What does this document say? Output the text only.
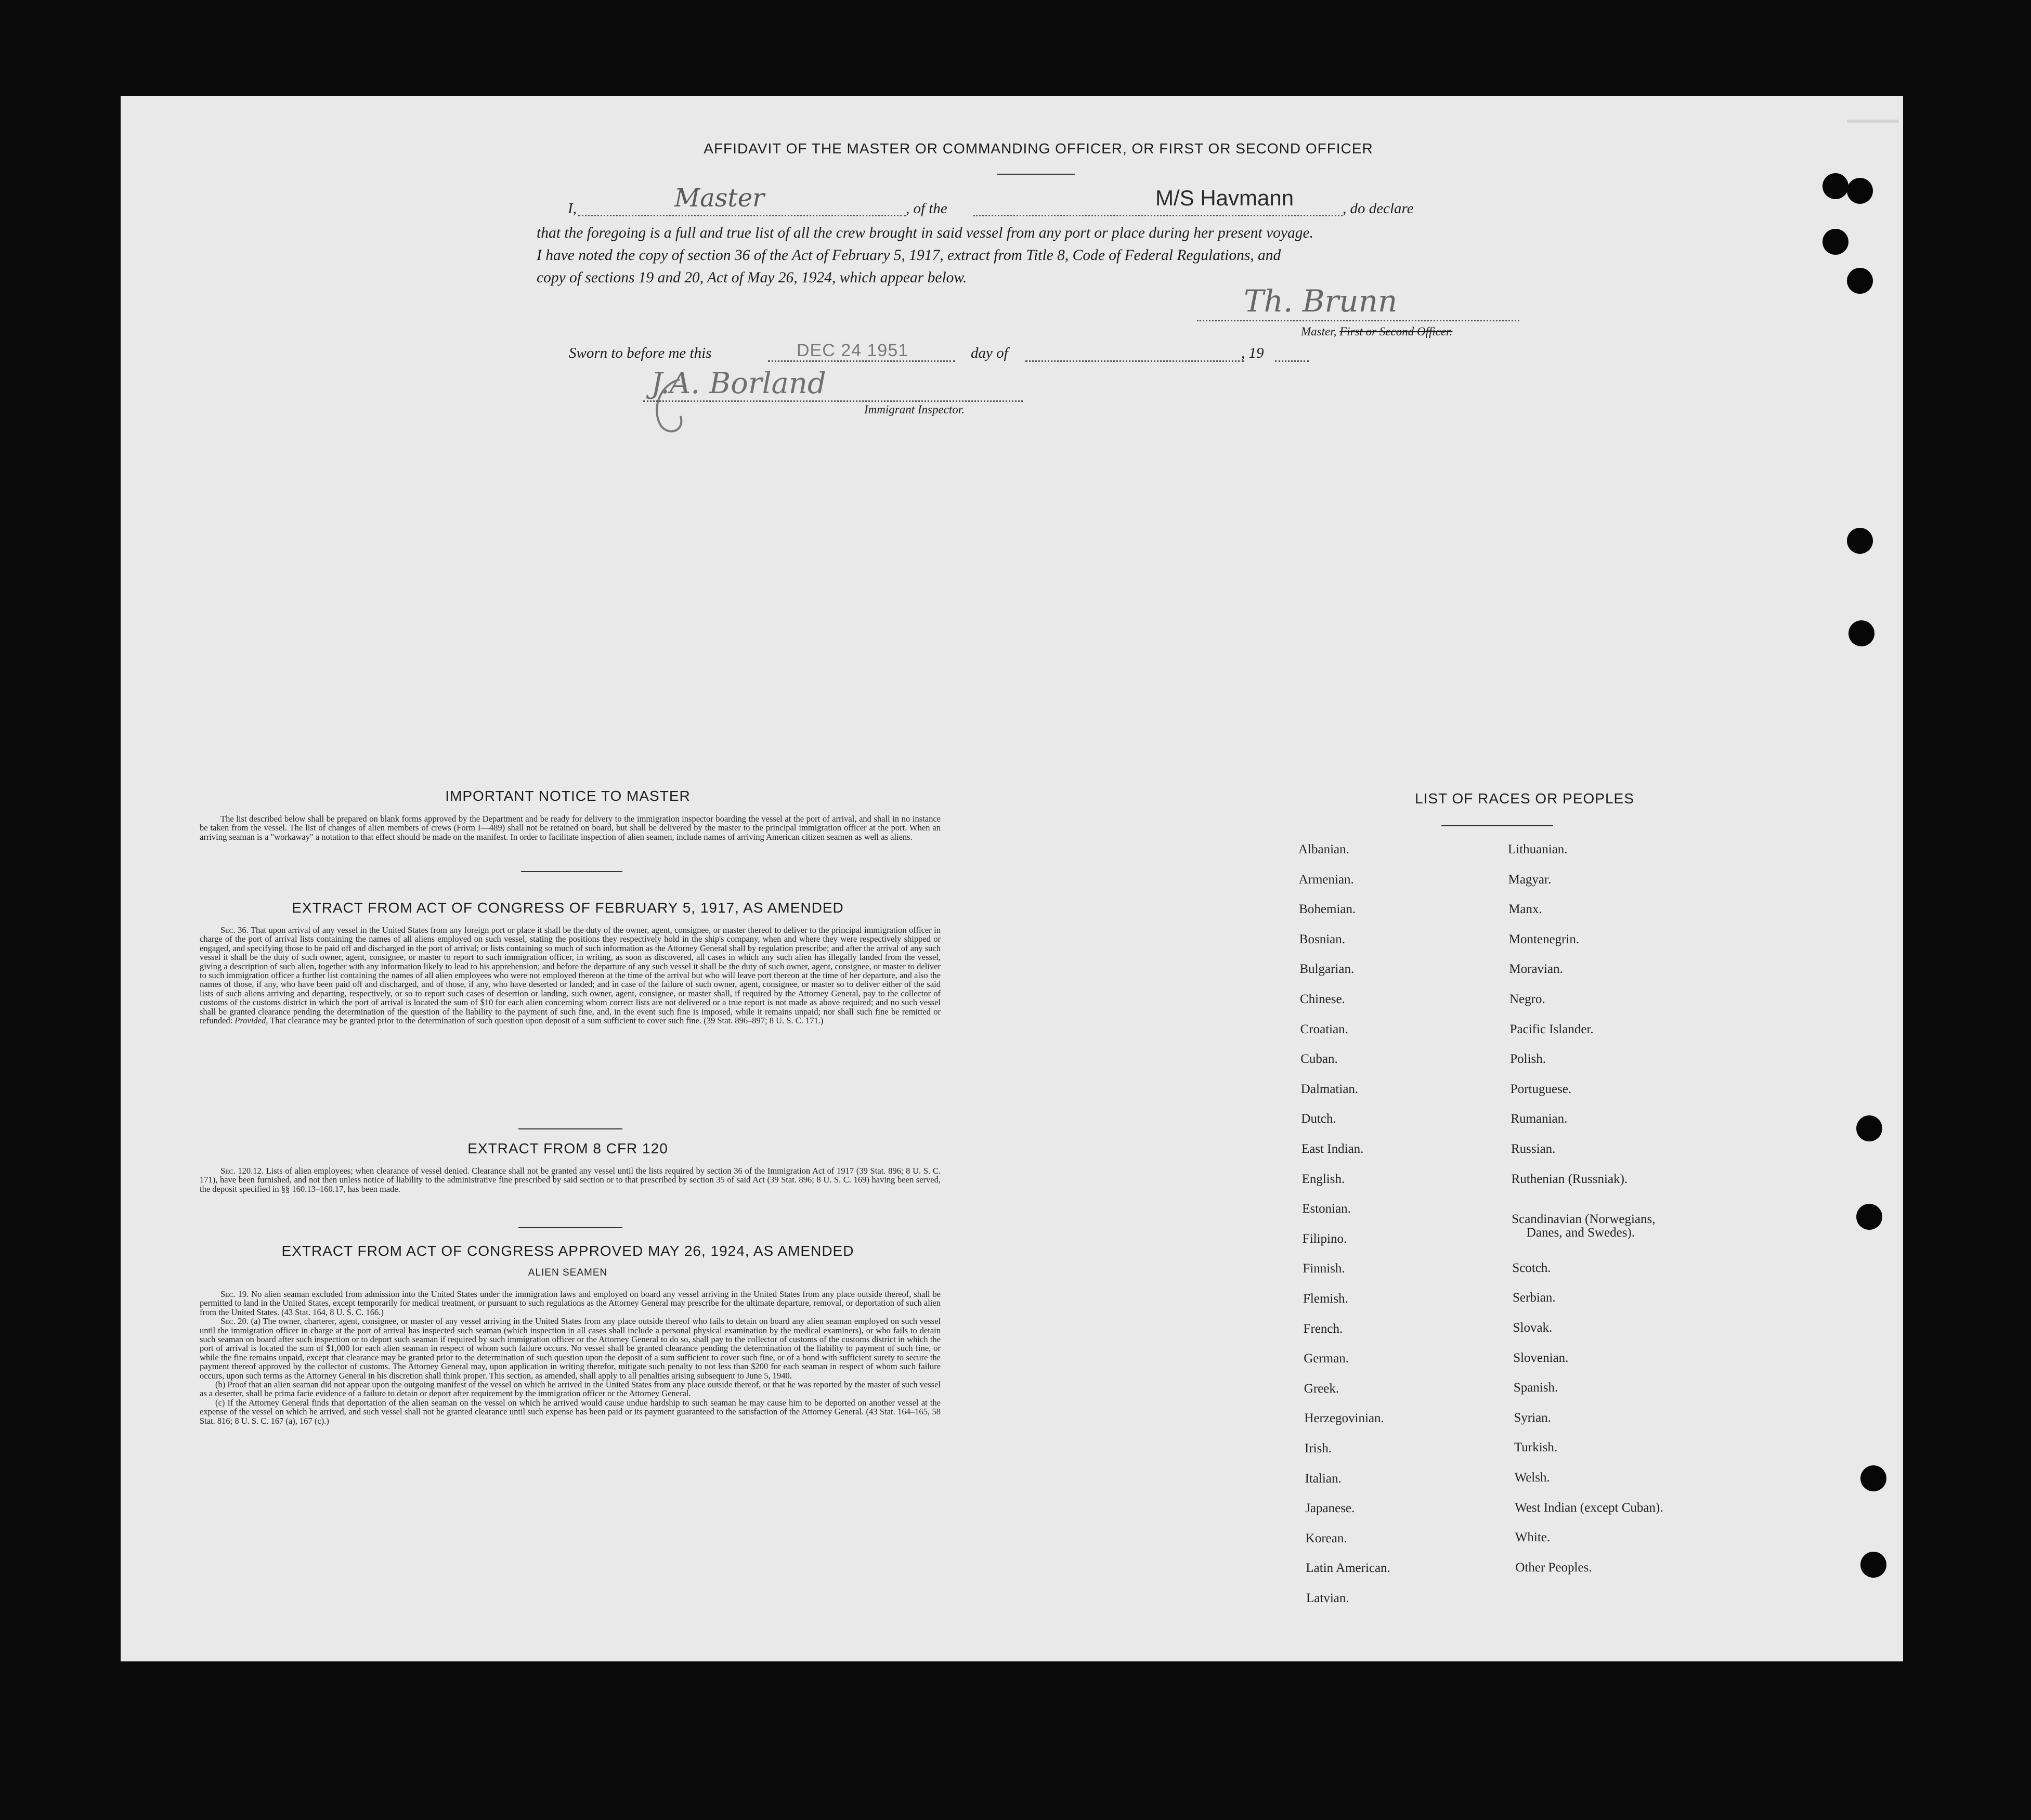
AFFIDAVIT OF THE MASTER OR COMMANDING OFFICER, OR FIRST OR SECOND OFFICER
I,	Master	, of the	M/S Havmann	, do declare
that the foregoing is a full and true list of all the crew brought in said vessel from any port or place during her present voyage.
I have noted the copy of section 36 of the Act of February 5, 1917, extract from Title 8, Code of Federal Regulations, and
copy of sections 19 and 20, Act of May 26, 1924, which appear below.
Th. Brunn
Master, First or Second Officer.
Sworn to before me this	DEC 24 1951	day of	, 19
J.A. Borland
Immigrant Inspector.
IMPORTANT NOTICE TO MASTER

The list described below shall be prepared on blank forms approved by the Department and be ready for delivery to the immigration inspector boarding the vessel at the port of arrival, and shall in no instance be taken from the vessel. The list of changes of alien members of crews (Form I—489) shall not be retained on board, but shall be delivered by the master to the principal immigration officer at the port. When an arriving seaman is a "workaway" a notation to that effect should be made on the manifest. In order to facilitate inspection of alien seamen, include names of arriving American citizen seamen as well as aliens.

EXTRACT FROM ACT OF CONGRESS OF FEBRUARY 5, 1917, AS AMENDED

Sec. 36. That upon arrival of any vessel in the United States from any foreign port or place it shall be the duty of the owner, agent, consignee, or master thereof to deliver to the principal immigration officer in charge of the port of arrival lists containing the names of all aliens employed on such vessel, stating the positions they respectively hold in the ship's company, when and where they were respectively shipped or engaged, and specifying those to be paid off and discharged in the port of arrival; or lists containing so much of such information as the Attorney General shall by regulation prescribe; and after the arrival of any such vessel it shall be the duty of such owner, agent, consignee, or master to report to such immigration officer, in writing, as soon as discovered, all cases in which any such alien has illegally landed from the vessel, giving a description of such alien, together with any information likely to lead to his apprehension; and before the departure of any such vessel it shall be the duty of such owner, agent, consignee, or master to deliver to such immigration officer a further list containing the names of all alien employees who were not employed thereon at the time of the arrival but who will leave port thereon at the time of her departure, and also the names of those, if any, who have been paid off and discharged, and of those, if any, who have deserted or landed; and in case of the failure of such owner, agent, consignee, or master so to deliver either of the said lists of such aliens arriving and departing, respectively, or so to report such cases of desertion or landing, such owner, agent, consignee, or master shall, if required by the Attorney General, pay to the collector of customs of the customs district in which the port of arrival is located the sum of $10 for each alien concerning whom correct lists are not delivered or a true report is not made as above required; and no such vessel shall be granted clearance pending the determination of the question of the liability to the payment of such fine, and, in the event such fine is imposed, while it remains unpaid; nor shall such fine be remitted or refunded: Provided, That clearance may be granted prior to the determination of such question upon deposit of a sum sufficient to cover such fine. (39 Stat. 896–897; 8 U. S. C. 171.)

EXTRACT FROM 8 CFR 120

Sec. 120.12. Lists of alien employees; when clearance of vessel denied. Clearance shall not be granted any vessel until the lists required by section 36 of the Immigration Act of 1917 (39 Stat. 896; 8 U. S. C. 171), have been furnished, and not then unless notice of liability to the administrative fine prescribed by said section or to that prescribed by section 35 of said Act (39 Stat. 896; 8 U. S. C. 169) having been served, the deposit specified in §§ 160.13–160.17, has been made.

EXTRACT FROM ACT OF CONGRESS APPROVED MAY 26, 1924, AS AMENDED
ALIEN SEAMEN

Sec. 19. No alien seaman excluded from admission into the United States under the immigration laws and employed on board any vessel arriving in the United States from any place outside thereof, shall be permitted to land in the United States, except temporarily for medical treatment, or pursuant to such regulations as the Attorney General may prescribe for the ultimate departure, removal, or deportation of such alien from the United States. (43 Stat. 164, 8 U. S. C. 166.)

Sec. 20. (a) The owner, charterer, agent, consignee, or master of any vessel arriving in the United States from any place outside thereof who fails to detain on board any alien seaman employed on such vessel until the immigration officer in charge at the port of arrival has inspected such seaman (which inspection in all cases shall include a personal physical examination by the medical examiners), or who fails to detain such seaman on board after such inspection or to deport such seaman if required by such immigration officer or the Attorney General to do so, shall pay to the collector of customs of the customs district in which the port of arrival is located the sum of $1,000 for each alien seaman in respect of whom such failure occurs. No vessel shall be granted clearance pending the determination of the liability to payment of such fine, or while the fine remains unpaid, except that clearance may be granted prior to the determination of such question upon the deposit of a sum sufficient to cover such fine, or of a bond with sufficient surety to secure the payment thereof approved by the collector of customs. The Attorney General may, upon application in writing therefor, mitigate such penalty to not less than $200 for each seaman in respect of whom such failure occurs, upon such terms as the Attorney General in his discretion shall think proper. This section, as amended, shall apply to all penalties arising subsequent to June 5, 1940.

(b) Proof that an alien seaman did not appear upon the outgoing manifest of the vessel on which he arrived in the United States from any place outside thereof, or that he was reported by the master of such vessel as a deserter, shall be prima facie evidence of a failure to detain or deport after requirement by the immigration officer or the Attorney General.

(c) If the Attorney General finds that deportation of the alien seaman on the vessel on which he arrived would cause undue hardship to such seaman he may cause him to be deported on another vessel at the expense of the vessel on which he arrived, and such vessel shall not be granted clearance until such expense has been paid or its payment guaranteed to the satisfaction of the Attorney General. (43 Stat. 164–165, 58 Stat. 816; 8 U. S. C. 167 (a), 167 (c).)

LIST OF RACES OR PEOPLES
Albanian.
Armenian.
Bohemian.
Bosnian.
Bulgarian.
Chinese.
Croatian.
Cuban.
Dalmatian.
Dutch.
East Indian.
English.
Estonian.
Filipino.
Finnish.
Flemish.
French.
German.
Greek.
Herzegovinian.
Irish.
Italian.
Japanese.
Korean.
Latin American.
Latvian.
Lithuanian.
Magyar.
Manx.
Montenegrin.
Moravian.
Negro.
Pacific Islander.
Polish.
Portuguese.
Rumanian.
Russian.
Ruthenian (Russniak).
Scandinavian (Norwegians,
Danes, and Swedes).
Scotch.
Serbian.
Slovak.
Slovenian.
Spanish.
Syrian.
Turkish.
Welsh.
West Indian (except Cuban).
White.
Other Peoples.
